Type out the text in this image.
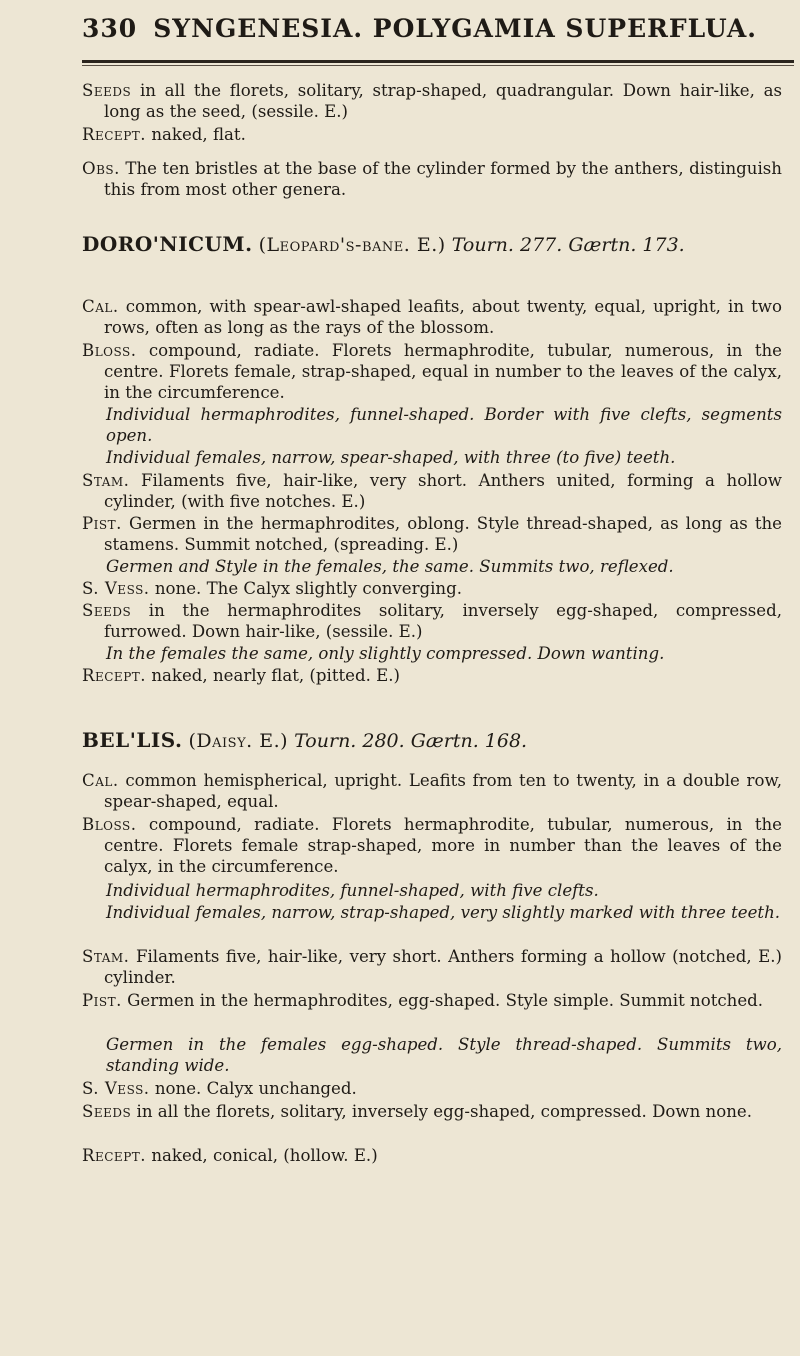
330 SYNGENESIA. POLYGAMIA SUPERFLUA.
Seeds in all the florets, solitary, strap-shaped, quadrangular. Down hair-like, as long as the seed, (sessile. E.)
Recept. naked, flat.
Obs. The ten bristles at the base of the cylinder formed by the anthers, distinguish this from most other genera.
DORO'NICUM. (Leopard's-bane. E.) Tourn. 277. Gærtn. 173.
Cal. common, with spear-awl-shaped leafits, about twenty, equal, upright, in two rows, often as long as the rays of the blossom.
Bloss. compound, radiate. Florets hermaphrodite, tubular, numerous, in the centre. Florets female, strap-shaped, equal in number to the leaves of the calyx, in the circumference.
Individual hermaphrodites, funnel-shaped. Border with five clefts, segments open.
Individual females, narrow, spear-shaped, with three (to five) teeth.
Stam. Filaments five, hair-like, very short. Anthers united, forming a hollow cylinder, (with five notches. E.)
Pist. Germen in the hermaphrodites, oblong. Style thread-shaped, as long as the stamens. Summit notched, (spreading. E.)
Germen and Style in the females, the same. Summits two, reflexed.
S. Vess. none. The Calyx slightly converging.
Seeds in the hermaphrodites solitary, inversely egg-shaped, compressed, furrowed. Down hair-like, (sessile. E.)
In the females the same, only slightly compressed. Down wanting.
Recept. naked, nearly flat, (pitted. E.)
BEL'LIS. (Daisy. E.) Tourn. 280. Gærtn. 168.
Cal. common hemispherical, upright. Leafits from ten to twenty, in a double row, spear-shaped, equal.
Bloss. compound, radiate. Florets hermaphrodite, tubular, numerous, in the centre. Florets female strap-shaped, more in number than the leaves of the calyx, in the circumference.
Individual hermaphrodites, funnel-shaped, with five clefts.
Individual females, narrow, strap-shaped, very slightly marked with three teeth.
Stam. Filaments five, hair-like, very short. Anthers forming a hollow (notched, E.) cylinder.
Pist. Germen in the hermaphrodites, egg-shaped. Style simple. Summit notched.
Germen in the females egg-shaped. Style thread-shaped. Summits two, standing wide.
S. Vess. none. Calyx unchanged.
Seeds in all the florets, solitary, inversely egg-shaped, compressed. Down none.
Recept. naked, conical, (hollow. E.)
